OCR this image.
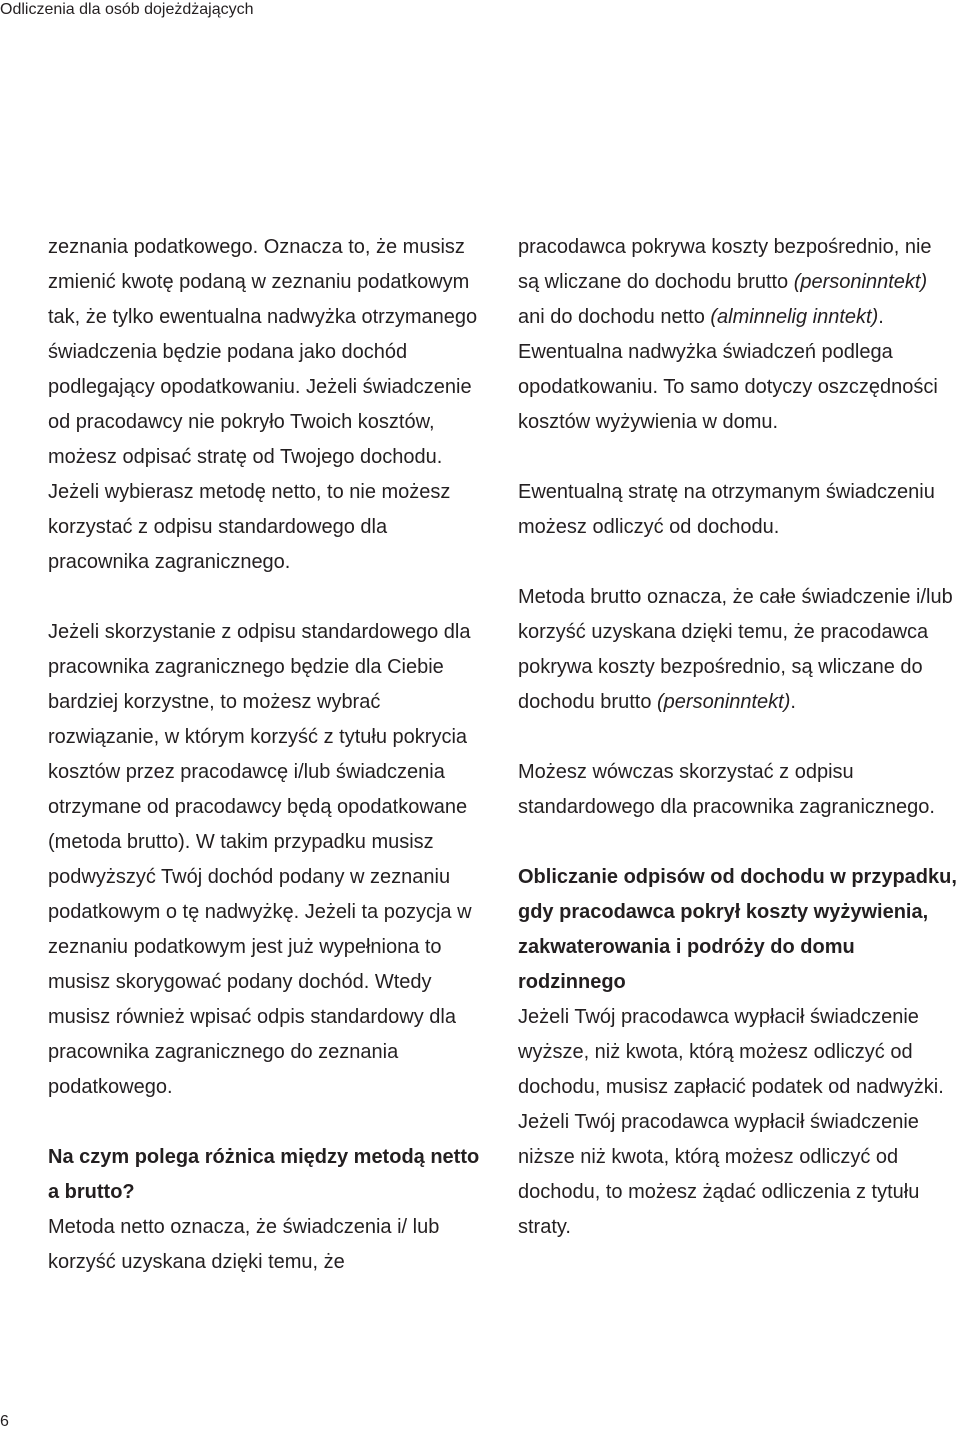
Odliczenia dla osób dojeżdżających

zeznania podatkowego. Oznacza to, że musisz zmienić kwotę podaną w zeznaniu podatkowym tak, że tylko ewentualna nadwyżka otrzymanego świadczenia będzie podana jako dochód podlegający opodatkowaniu. Jeżeli świadczenie od pracodawcy nie pokryło Twoich kosztów, możesz odpisać stratę od Twojego dochodu. Jeżeli wybierasz metodę netto, to nie możesz korzystać z odpisu standardowego dla pracownika zagranicznego.

Jeżeli skorzystanie z odpisu standardowego dla pracownika zagranicznego będzie dla Ciebie bardziej korzystne, to możesz wybrać rozwiązanie, w którym korzyść z tytułu pokrycia kosztów przez pracodawcę i/lub świadczenia otrzymane od pracodawcy będą opodatkowane (metoda brutto). W takim przypadku musisz podwyższyć Twój dochód podany w zeznaniu podatkowym o tę nadwyżkę. Jeżeli ta pozycja w zeznaniu podatkowym jest już wypełniona to musisz skorygować podany dochód. Wtedy musisz również wpisać odpis standardowy dla pracownika zagranicznego do zeznania podatkowego.

Na czym polega różnica między metodą netto a brutto?

Metoda netto oznacza, że świadczenia i/ lub korzyść uzyskana dzięki temu, że

pracodawca pokrywa koszty bezpośrednio, nie są wliczane do dochodu brutto (personinntekt) ani do dochodu netto (alminnelig inntekt). Ewentualna nadwyżka świadczeń podlega opodatkowaniu. To samo dotyczy oszczędności kosztów wyżywienia w domu.

Ewentualną stratę na otrzymanym świadczeniu możesz odliczyć od dochodu.

Metoda brutto oznacza, że całe świadczenie i/lub korzyść uzyskana dzięki temu, że pracodawca pokrywa koszty bezpośrednio, są wliczane do dochodu brutto (personinntekt).

Możesz wówczas skorzystać z odpisu standardowego dla pracownika zagranicznego.

Obliczanie odpisów od dochodu w przypadku, gdy pracodawca pokrył koszty wyżywienia, zakwaterowania i podróży do domu rodzinnego

Jeżeli Twój pracodawca wypłacił świadczenie wyższe, niż kwota, którą możesz odliczyć od dochodu, musisz zapłacić podatek od nadwyżki. Jeżeli Twój pracodawca wypłacił świadczenie niższe niż kwota, którą możesz odliczyć od dochodu, to możesz żądać odliczenia z tytułu straty.

6
